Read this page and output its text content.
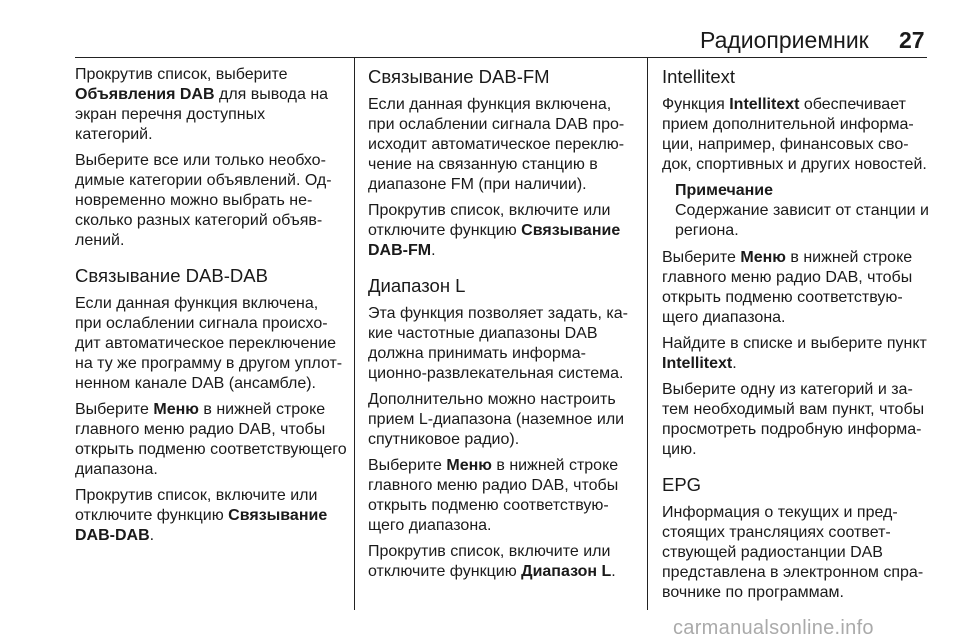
Радиоприемник 27

Прокрутив список, выберите Объявления DAB для вывода на экран перечня доступных категорий.

Выберите все или только необходимые категории объявлений. Одновременно можно выбрать несколько разных категорий объявлений.

Связывание DAB-DAB

Если данная функция включена, при ослаблении сигнала происходит автоматическое переключение на ту же программу в другом уплотненном канале DAB (ансамбле).

Выберите Меню в нижней строке главного меню радио DAB, чтобы открыть подменю соответствующего диапазона.

Прокрутив список, включите или отключите функцию Связывание DAB-DAB.

Связывание DAB-FM

Если данная функция включена, при ослаблении сигнала DAB происходит автоматическое переключение на связанную станцию в диапазоне FM (при наличии).

Прокрутив список, включите или отключите функцию Связывание DAB-FM.

Диапазон L

Эта функция позволяет задать, какие частотные диапазоны DAB должна принимать информационно-развлекательная система.

Дополнительно можно настроить прием L-диапазона (наземное или спутниковое радио).

Выберите Меню в нижней строке главного меню радио DAB, чтобы открыть подменю соответствующего диапазона.

Прокрутив список, включите или отключите функцию Диапазон L.

Intellitext

Функция Intellitext обеспечивает прием дополнительной информации, например, финансовых сводок, спортивных и других новостей.

Примечание
Содержание зависит от станции и региона.

Выберите Меню в нижней строке главного меню радио DAB, чтобы открыть подменю соответствующего диапазона.

Найдите в списке и выберите пункт Intellitext.

Выберите одну из категорий и затем необходимый вам пункт, чтобы просмотреть подробную информацию.

EPG

Информация о текущих и предстоящих трансляциях соответствующей радиостанции DAB представлена в электронном справочнике по программам.

carmanualsonline.info
